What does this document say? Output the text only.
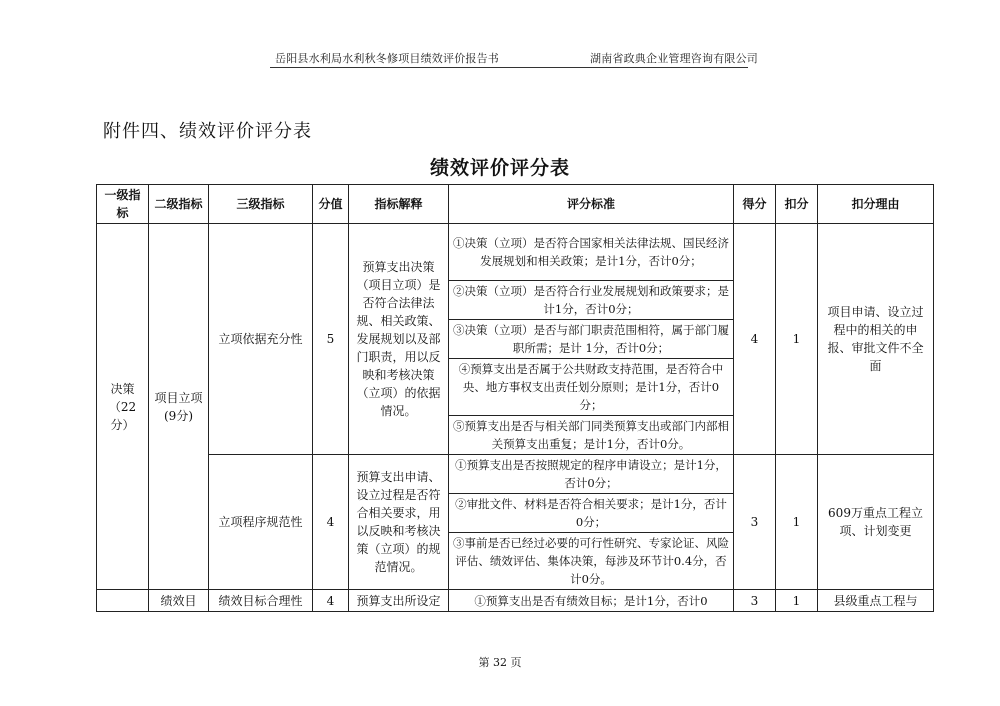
岳阳县水利局水利秋冬修项目绩效评价报告书	湖南省政典企业管理咨询有限公司
附件四、绩效评价评分表
绩效评价评分表
一级指标	二级指标	三级指标	分值	指标解释	评分标准	得分	扣分	扣分理由
决策（22分）	项目立项(9分)	立项依据充分性	5	预算支出决策（项目立项）是否符合法律法规、相关政策、发展规划以及部门职责，用以反映和考核决策（立项）的依据情况。	①决策（立项）是否符合国家相关法律法规、国民经济发展规划和相关政策；是计1分，否计0分；	4	1	项目申请、设立过程中的相关的申报、审批文件不全面
					②决策（立项）是否符合行业发展规划和政策要求；是计1分，否计0分；			
					③决策（立项）是否与部门职责范围相符，属于部门履职所需；是计 1分，否计0分；			
					④预算支出是否属于公共财政支持范围，是否符合中央、地方事权支出责任划分原则；是计1分，否计0分；			
					⑤预算支出是否与相关部门同类预算支出或部门内部相关预算支出重复；是计1分，否计0分。			
		立项程序规范性	4	预算支出申请、设立过程是否符合相关要求，用以反映和考核决策（立项）的规范情况。	①预算支出是否按照规定的程序申请设立；是计1分，否计0分；	3	1	609万重点工程立项、计划变更
					②审批文件、材料是否符合相关要求；是计1分，否计0分；			
					③事前是否已经过必要的可行性研究、专家论证、风险评估、绩效评估、集体决策，每涉及环节计0.4分，否计0分。			
	绩效目	绩效目标合理性	4	预算支出所设定	①预算支出是否有绩效目标；是计1分，否计0	3	1	县级重点工程与
第 32 页
